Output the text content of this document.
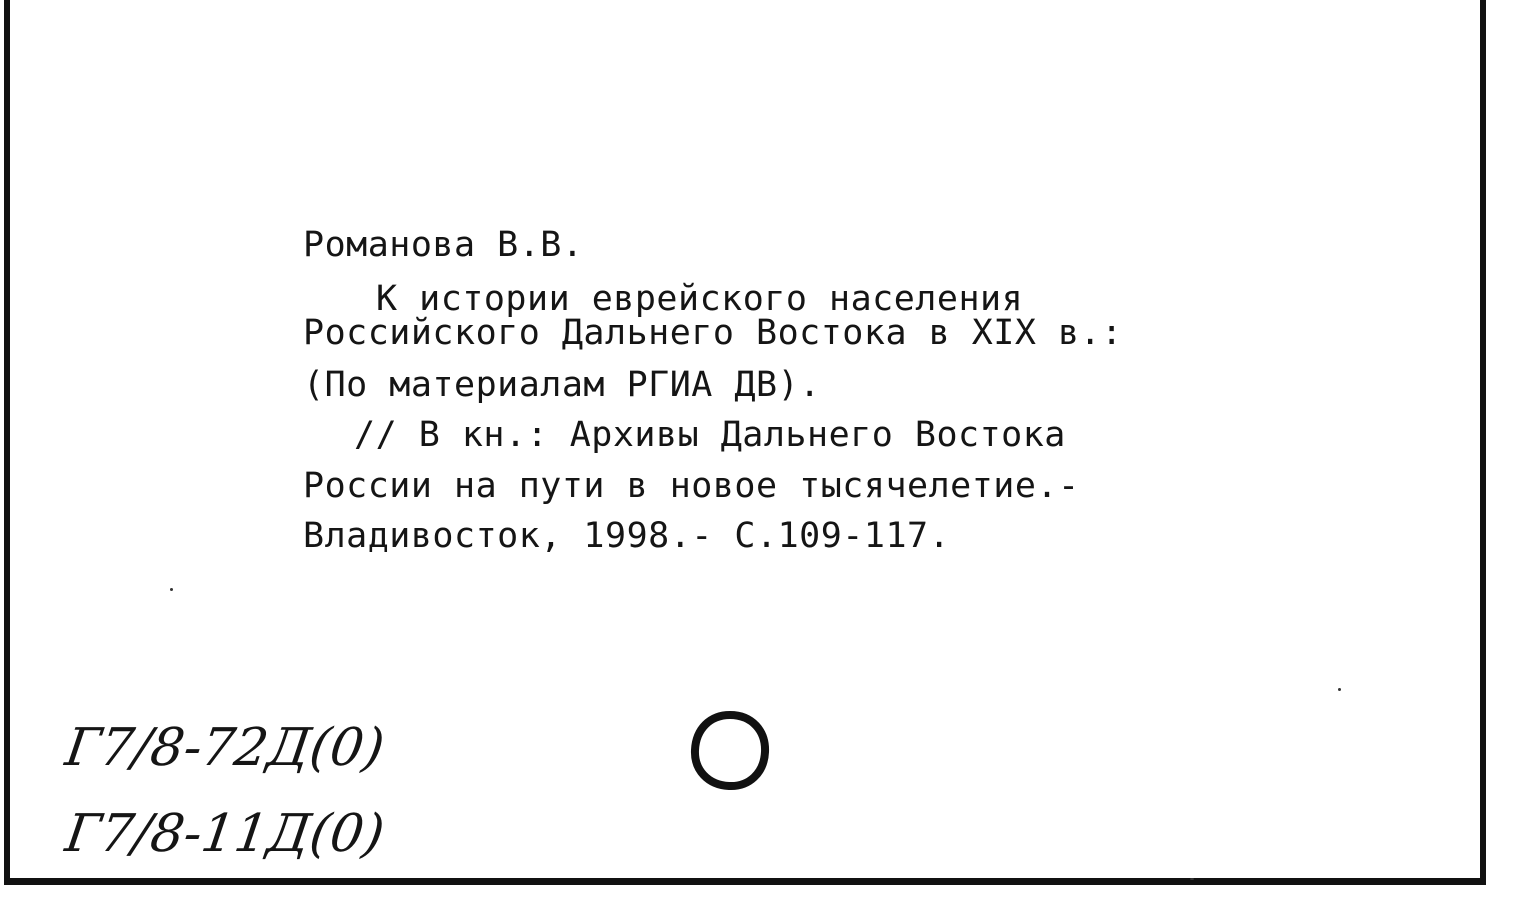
Романова В.В.
К истории еврейского населения
Российского Дальнего Востока в XIX в.:
(По материалам РГИА ДВ).
// В кн.: Архивы Дальнего Востока
России на пути в новое тысячелетие.-
Владивосток, 1998.- С.109-117.
Г7/8-72Д(0)
Г7/8-11Д(0)
